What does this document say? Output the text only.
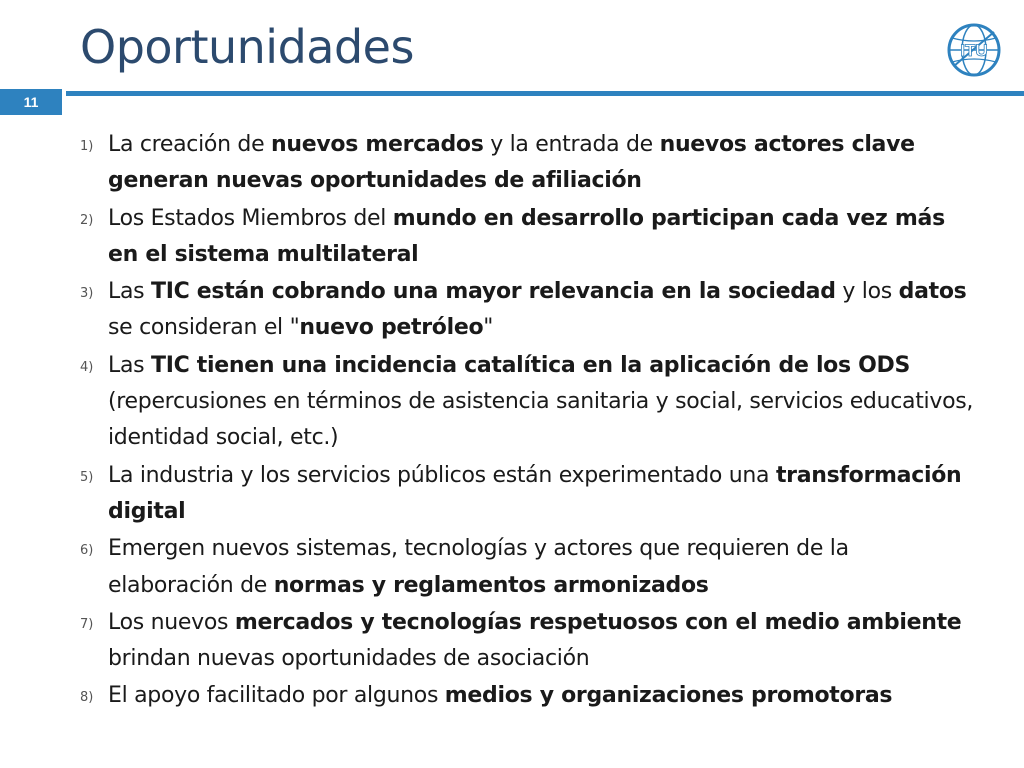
Oportunidades	ITU
11
1) La creación de nuevos mercados y la entrada de nuevos actores clave generan nuevas oportunidades de afiliación
2) Los Estados Miembros del mundo en desarrollo participan cada vez más en el sistema multilateral
3) Las TIC están cobrando una mayor relevancia en la sociedad y los datos se consideran el "nuevo petróleo"
4) Las TIC tienen una incidencia catalítica en la aplicación de los ODS (repercusiones en términos de asistencia sanitaria y social, servicios educativos, identidad social, etc.)
5) La industria y los servicios públicos están experimentado una transformación digital
6) Emergen nuevos sistemas, tecnologías y actores que requieren de la elaboración de normas y reglamentos armonizados
7) Los nuevos mercados y tecnologías respetuosos con el medio ambiente brindan nuevas oportunidades de asociación
8) El apoyo facilitado por algunos medios y organizaciones promotoras
